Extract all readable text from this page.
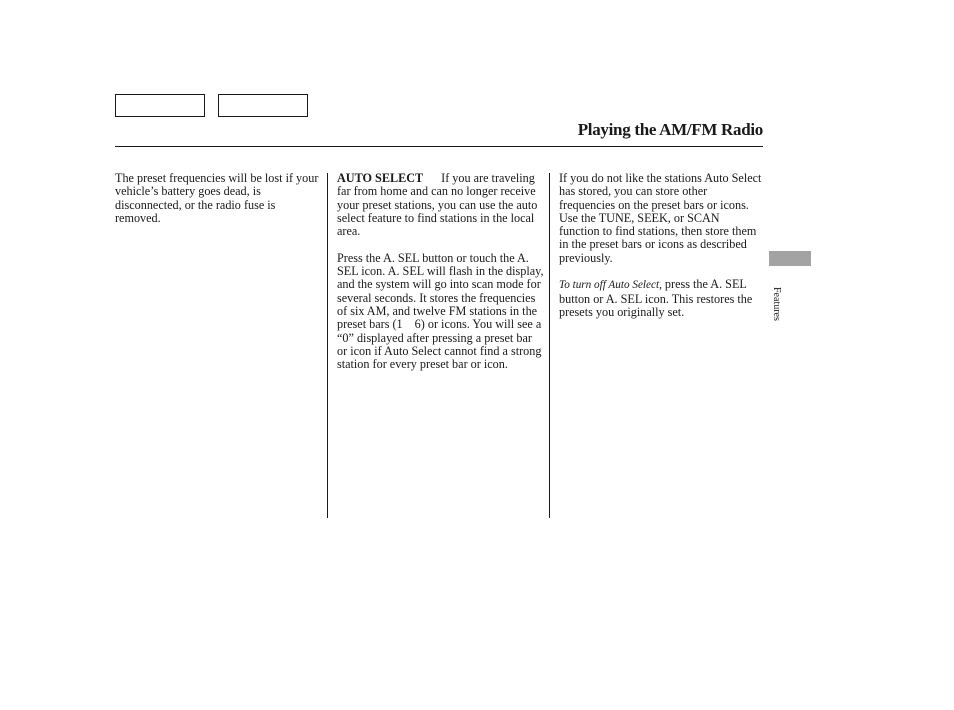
Playing the AM/FM Radio

The preset frequencies will be lost if your vehicle’s battery goes dead, is disconnected, or the radio fuse is removed.

AUTO SELECT If you are traveling far from home and can no longer receive your preset stations, you can use the auto select feature to find stations in the local area.

Press the A. SEL button or touch the A. SEL icon. A. SEL will flash in the display, and the system will go into scan mode for several seconds. It stores the frequencies of six AM, and twelve FM stations in the preset bars (1 6) or icons. You will see a “0” displayed after pressing a preset bar or icon if Auto Select cannot find a strong station for every preset bar or icon.

If you do not like the stations Auto Select has stored, you can store other frequencies on the preset bars or icons. Use the TUNE, SEEK, or SCAN function to find stations, then store them in the preset bars or icons as described previously.

To turn off Auto Select, press the A. SEL button or A. SEL icon. This restores the presets you originally set.	Features
